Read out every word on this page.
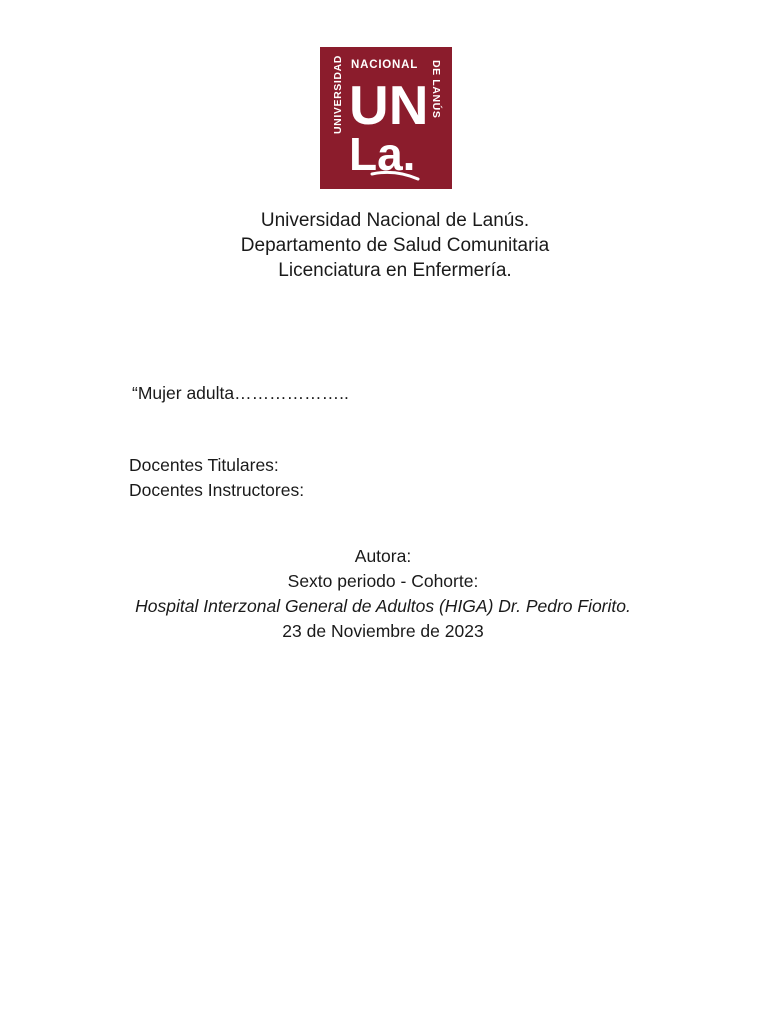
UNIVERSIDAD NACIONAL DE LANÚS
UN
La.
Universidad Nacional de Lanús.
Departamento de Salud Comunitaria
Licenciatura en Enfermería.
“Mujer adulta………………..
Docentes Titulares:
Docentes Instructores:
Autora:
Sexto periodo - Cohorte:
Hospital Interzonal General de Adultos (HIGA) Dr. Pedro Fiorito.
23 de Noviembre de 2023
